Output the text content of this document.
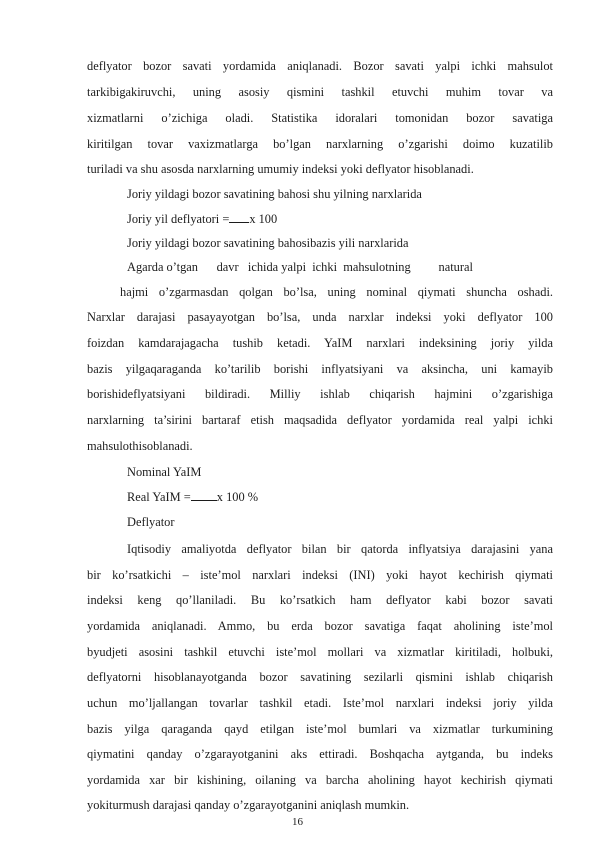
deflyator bozor savati yordamida aniqlanadi. Bozor savati yalpi ichki mahsulot
tarkibigakiruvchi, uning asosiy qismini tashkil etuvchi muhim tovar va
xizmatlarni o’zichiga oladi. Statistika idoralari tomonidan bozor savatiga
kiritilgan tovar vaxizmatlarga bo’lgan narxlarning o’zgarishi doimo kuzatilib
turiladi va shu asosda narxlarning umumiy indeksi yoki deflyator hisoblanadi.
Joriy yildagi bozor savatining bahosi shu yilning narxlarida
Joriy yil deflyatori = x 100
Joriy yildagi bozor savatining bahosibazis yili narxlarida
Agarda o’tgan      davr   ichida yalpi  ichki  mahsulotning         natural
hajmi o’zgarmasdan qolgan bo’lsa, uning nominal qiymati shuncha oshadi.
Narxlar darajasi pasayayotgan bo’lsa, unda narxlar indeksi yoki deflyator 100
foizdan kamdarajagacha tushib ketadi. YaIM narxlari indeksining joriy yilda
bazis yilgaqaraganda ko’tarilib borishi inflyatsiyani va aksincha, uni kamayib
borishideflyatsiyani bildiradi. Milliy ishlab chiqarish hajmini o’zgarishiga
narxlarning ta’sirini bartaraf etish maqsadida deflyator yordamida real yalpi ichki
mahsulothisoblanadi.
Nominal YaIM
Real YaIM = x 100 %
Deflyator
Iqtisodiy amaliyotda deflyator bilan bir qatorda inflyatsiya darajasini yana
bir ko’rsatkichi – iste’mol narxlari indeksi (INI) yoki hayot kechirish qiymati
indeksi keng qo’llaniladi. Bu ko’rsatkich ham deflyator kabi bozor savati
yordamida aniqlanadi. Ammo, bu erda bozor savatiga faqat aholining iste’mol
byudjeti asosini tashkil etuvchi iste’mol mollari va xizmatlar kiritiladi, holbuki,
deflyatorni hisoblanayotganda bozor savatining sezilarli qismini ishlab chiqarish
uchun mo’ljallangan tovarlar tashkil etadi. Iste’mol narxlari indeksi joriy yilda
bazis yilga qaraganda qayd etilgan iste’mol bumlari va xizmatlar turkumining
qiymatini qanday o’zgarayotganini aks ettiradi. Boshqacha aytganda, bu indeks
yordamida xar bir kishining, oilaning va barcha aholining hayot kechirish qiymati
yokiturmush darajasi qanday o’zgarayotganini aniqlash mumkin.
16
